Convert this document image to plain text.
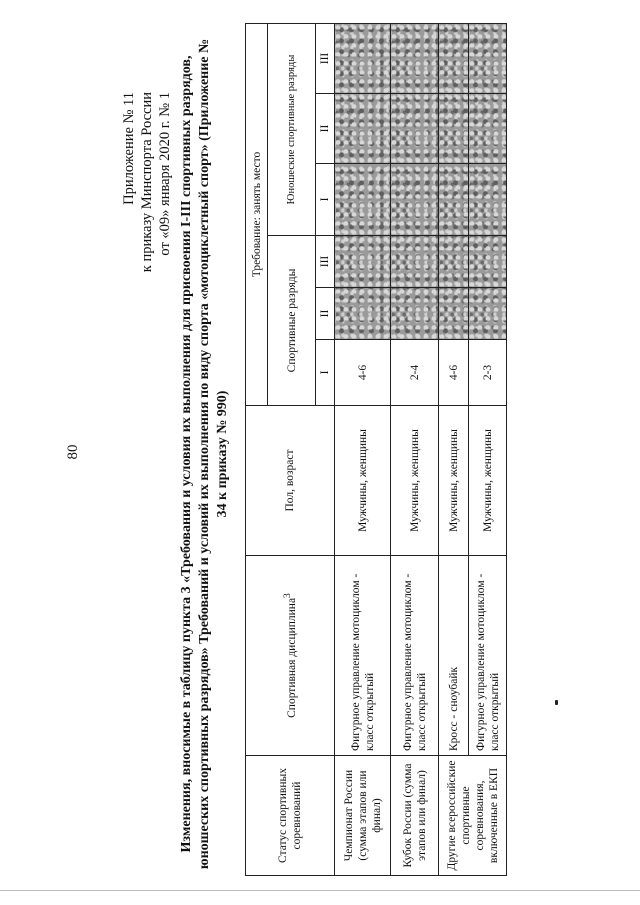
80
Приложение № 11 к приказу Минспорта России от «09» января 2020 г. № 1 Изменения, вносимые в таблицу пункта 3 «Требования и условия их выполнения для присвоения I-III спортивных разрядов, юношеских спортивных разрядов» Требований и условий их выполнения по виду спорта «мотоциклетный спорт» (Приложение № 34 к приказу № 990)
Статус спортивных соревнований	Спортивная дисциплина$^3$	Пол, возраст	Требование: занять место					
			Спортивные разряды			Юношеские спортивные разряды		
			I	II	III	I	II	III
Чемпионат России (сумма этапов или финал)	Фигурное управление мотоциклом - класс открытый	Мужчины, женщины	4-6					
Кубок России (сумма этапов или финал)	Фигурное управление мотоциклом - класс открытый	Мужчины, женщины	2-4					
Другие всероссийские спортивные соревнования, включенные в ЕКП	Кросс - сноубайк	Мужчины, женщины	4-6					
	Фигурное управление мотоциклом - класс открытый	Мужчины, женщины	2-3					
